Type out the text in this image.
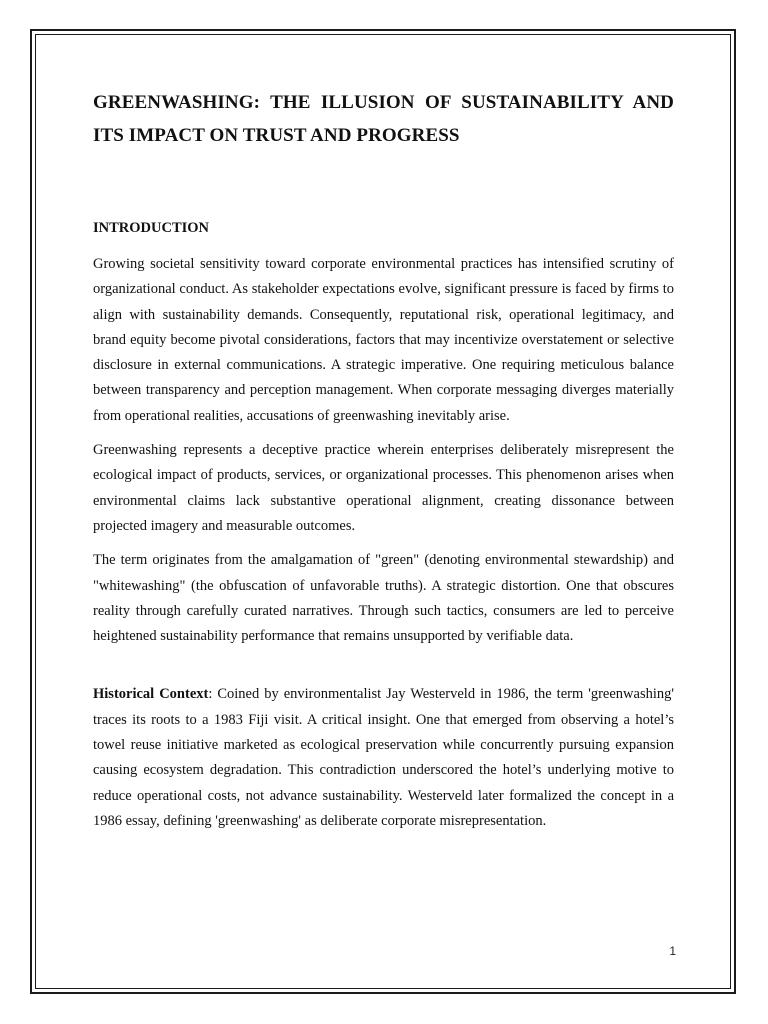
GREENWASHING: THE ILLUSION OF SUSTAINABILITY AND ITS IMPACT ON TRUST AND PROGRESS
INTRODUCTION

Growing societal sensitivity toward corporate environmental practices has intensified scrutiny of organizational conduct. As stakeholder expectations evolve, significant pressure is faced by firms to align with sustainability demands. Consequently, reputational risk, operational legitimacy, and brand equity become pivotal considerations, factors that may incentivize overstatement or selective disclosure in external communications. A strategic imperative. One requiring meticulous balance between transparency and perception management. When corporate messaging diverges materially from operational realities, accusations of greenwashing inevitably arise.

Greenwashing represents a deceptive practice wherein enterprises deliberately misrepresent the ecological impact of products, services, or organizational processes. This phenomenon arises when environmental claims lack substantive operational alignment, creating dissonance between projected imagery and measurable outcomes.

The term originates from the amalgamation of "green" (denoting environmental stewardship) and "whitewashing" (the obfuscation of unfavorable truths). A strategic distortion. One that obscures reality through carefully curated narratives. Through such tactics, consumers are led to perceive heightened sustainability performance that remains unsupported by verifiable data.

Historical Context: Coined by environmentalist Jay Westerveld in 1986, the term 'greenwashing' traces its roots to a 1983 Fiji visit. A critical insight. One that emerged from observing a hotel’s towel reuse initiative marketed as ecological preservation while concurrently pursuing expansion causing ecosystem degradation. This contradiction underscored the hotel’s underlying motive to reduce operational costs, not advance sustainability. Westerveld later formalized the concept in a 1986 essay, defining 'greenwashing' as deliberate corporate misrepresentation.

1
